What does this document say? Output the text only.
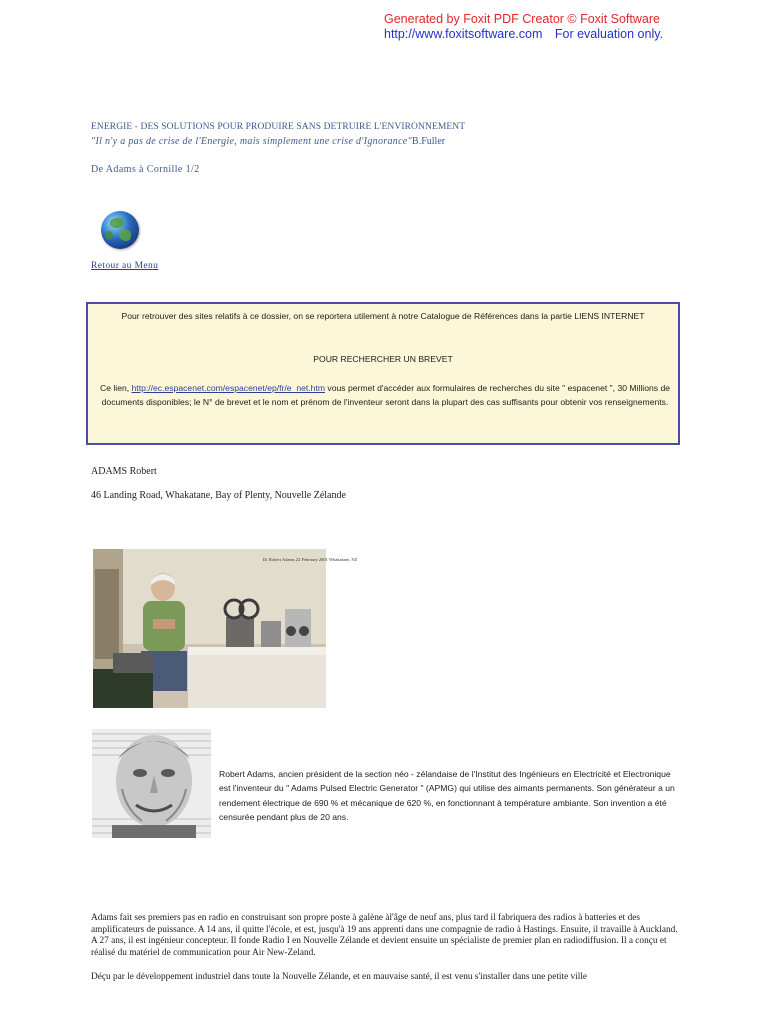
Generated by Foxit PDF Creator © Foxit Software
http://www.foxitsoftware.com For evaluation only.
ENERGIE - DES SOLUTIONS POUR PRODUIRE SANS DETRUIRE L'ENVIRONNEMENT
"Il n'y a pas de crise de l'Energie, mais simplement une crise d'Ignorance"B.Fuller
De Adams à Cornille 1/2
Retour au Menu
Pour retrouver des sites relatifs à ce dossier, on se reportera utilement à notre Catalogue de Références dans la partie LIENS INTERNET
POUR RECHERCHER UN BREVET
Ce lien, http://ec.espacenet.com/espacenet/ep/fr/e_net.htm vous permet d'accéder aux formulaires de recherches du site " espacenet ", 30 Millions de documents disponibles; le N° de brevet et le nom et prénom de l'inventeur seront dans la plupart des cas suffisants pour obtenir vos renseignements.
ADAMS Robert
46 Landing Road, Whakatane, Bay of Plenty, Nouvelle Zélande
Dr Robert Adams 22 February 2001 Whakatane, NZ
Robert Adams, ancien président de la section néo - zélandaise de l'Institut des Ingénieurs en Electricité et Electronique est l'inventeur du " Adams Pulsed Electric Generator " (APMG) qui utilise des aimants permanents. Son générateur a un rendement électrique de 690 % et mécanique de 620 %, en fonctionnant à température ambiante. Son invention a été censurée pendant plus de 20 ans.
Adams fait ses premiers pas en radio en construisant son propre poste à galène àl'âge de neuf ans, plus tard il fabriquera des radios à batteries et des amplificateurs de puissance. A 14 ans, il quitte l'école, et est, jusqu'à 19 ans apprenti dans une compagnie de radio à Hastings. Ensuite, il travaille à Auckland. A 27 ans, il est ingénieur concepteur. Il fonde Radio I en Nouvelle Zélande et devient ensuite un spécialiste de premier plan en radiodiffusion. Il a conçu et réalisé du matériel de communication pour Air New-Zeland.
Déçu par le développement industriel dans toute la Nouvelle Zélande, et en mauvaise santé, il est venu s'installer dans une petite ville
